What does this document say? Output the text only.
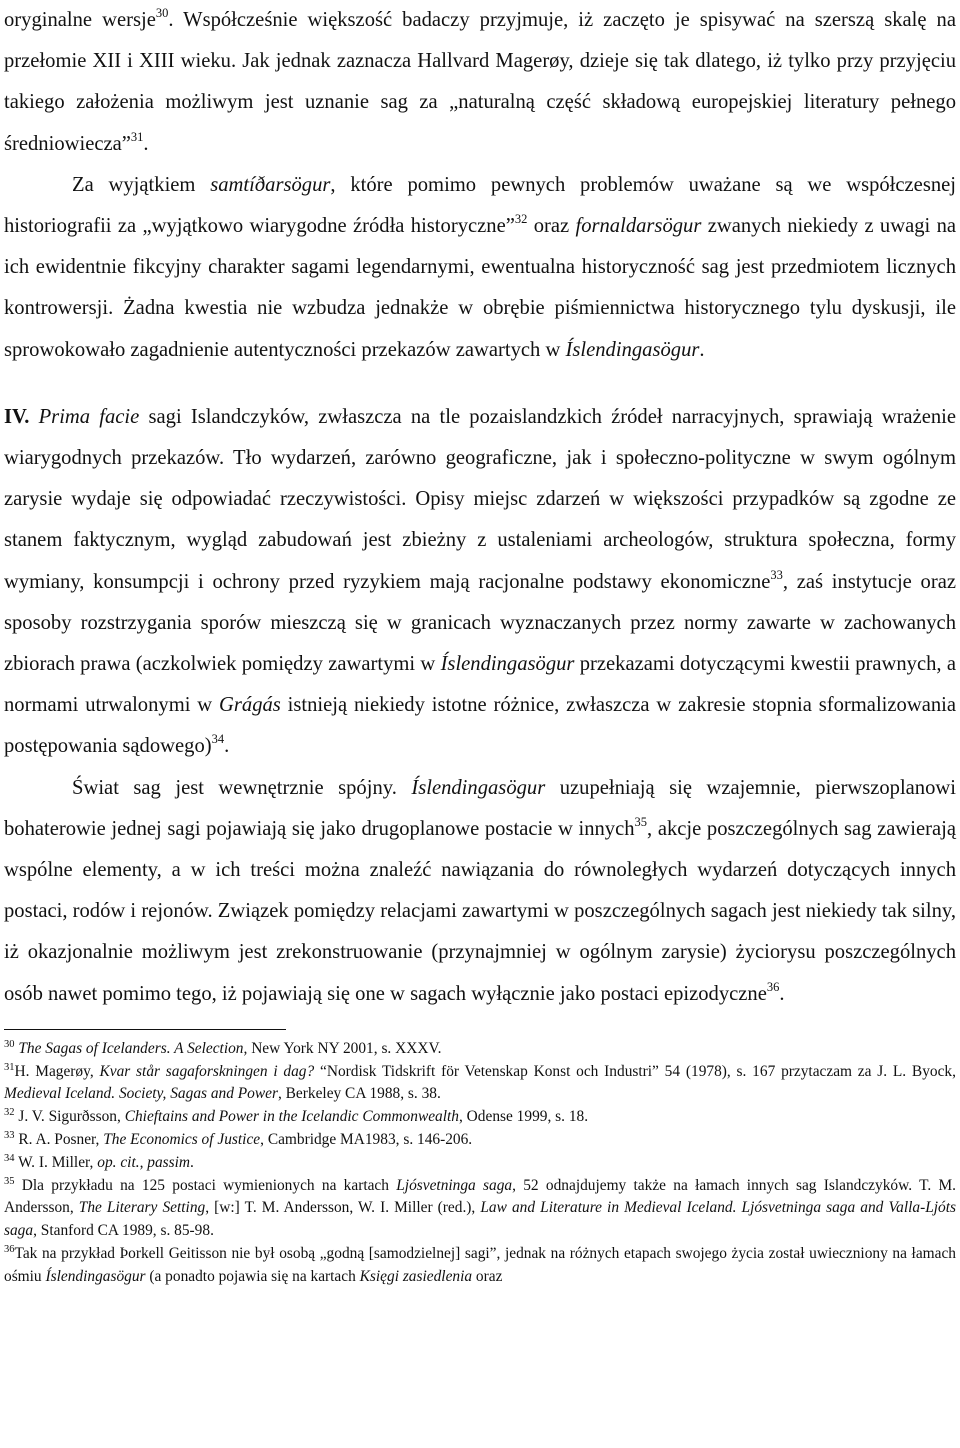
oryginalne wersje$^{30}$. Współcześnie większość badaczy przyjmuje, iż zaczęto je spisywać na szerszą skalę na przełomie XII i XIII wieku. Jak jednak zaznacza Hallvard Magerøy, dzieje się tak dlatego, iż tylko przy przyjęciu takiego założenia możliwym jest uznanie sag za „naturalną część składową europejskiej literatury pełnego średniowiecza”$^{31}$.

Za wyjątkiem samtíðarsögur, które pomimo pewnych problemów uważane są we współczesnej historiografii za „wyjątkowo wiarygodne źródła historyczne”$^{32}$ oraz fornaldarsögur zwanych niekiedy z uwagi na ich ewidentnie fikcyjny charakter sagami legendarnymi, ewentualna historyczność sag jest przedmiotem licznych kontrowersji. Żadna kwestia nie wzbudza jednakże w obrębie piśmiennictwa historycznego tylu dyskusji, ile sprowokowało zagadnienie autentyczności przekazów zawartych w Íslendingasögur.

IV. Prima facie sagi Islandczyków, zwłaszcza na tle pozaislandzkich źródeł narracyjnych, sprawiają wrażenie wiarygodnych przekazów. Tło wydarzeń, zarówno geograficzne, jak i społeczno-polityczne w swym ogólnym zarysie wydaje się odpowiadać rzeczywistości. Opisy miejsc zdarzeń w większości przypadków są zgodne ze stanem faktycznym, wygląd zabudowań jest zbieżny z ustaleniami archeologów, struktura społeczna, formy wymiany, konsumpcji i ochrony przed ryzykiem mają racjonalne podstawy ekonomiczne$^{33}$, zaś instytucje oraz sposoby rozstrzygania sporów mieszczą się w granicach wyznaczanych przez normy zawarte w zachowanych zbiorach prawa (aczkolwiek pomiędzy zawartymi w Íslendingasögur przekazami dotyczącymi kwestii prawnych, a normami utrwalonymi w Grágás istnieją niekiedy istotne różnice, zwłaszcza w zakresie stopnia sformalizowania postępowania sądowego)$^{34}$.

Świat sag jest wewnętrznie spójny. Íslendingasögur uzupełniają się wzajemnie, pierwszoplanowi bohaterowie jednej sagi pojawiają się jako drugoplanowe postacie w innych$^{35}$, akcje poszczególnych sag zawierają wspólne elementy, a w ich treści można znaleźć nawiązania do równoległych wydarzeń dotyczących innych postaci, rodów i rejonów. Związek pomiędzy relacjami zawartymi w poszczególnych sagach jest niekiedy tak silny, iż okazjonalnie możliwym jest zrekonstruowanie (przynajmniej w ogólnym zarysie) życiorysu poszczególnych osób nawet pomimo tego, iż pojawiają się one w sagach wyłącznie jako postaci epizodyczne$^{36}$.

$^{30}$ The Sagas of Icelanders. A Selection, New York NY 2001, s. XXXV.

$^{31}$H. Magerøy, Kvar står sagaforskningen i dag? “Nordisk Tidskrift för Vetenskap Konst och Industri” 54 (1978), s. 167 przytaczam za J. L. Byock, Medieval Iceland. Society, Sagas and Power, Berkeley CA 1988, s. 38.

$^{32}$ J. V. Sigurðsson, Chieftains and Power in the Icelandic Commonwealth, Odense 1999, s. 18.

$^{33}$ R. A. Posner, The Economics of Justice, Cambridge MA1983, s. 146-206.

$^{34}$ W. I. Miller, op. cit., passim.

$^{35}$ Dla przykładu na 125 postaci wymienionych na kartach Ljósvetninga saga, 52 odnajdujemy także na łamach innych sag Islandczyków. T. M. Andersson, The Literary Setting, [w:] T. M. Andersson, W. I. Miller (red.), Law and Literature in Medieval Iceland. Ljósvetninga saga and Valla-Ljóts saga, Stanford CA 1989, s. 85-98.

$^{36}$Tak na przykład Þorkell Geitisson nie był osobą „godną [samodzielnej] sagi”, jednak na różnych etapach swojego życia został uwieczniony na łamach ośmiu Íslendingasögur (a ponadto pojawia się na kartach Księgi zasiedlenia oraz
